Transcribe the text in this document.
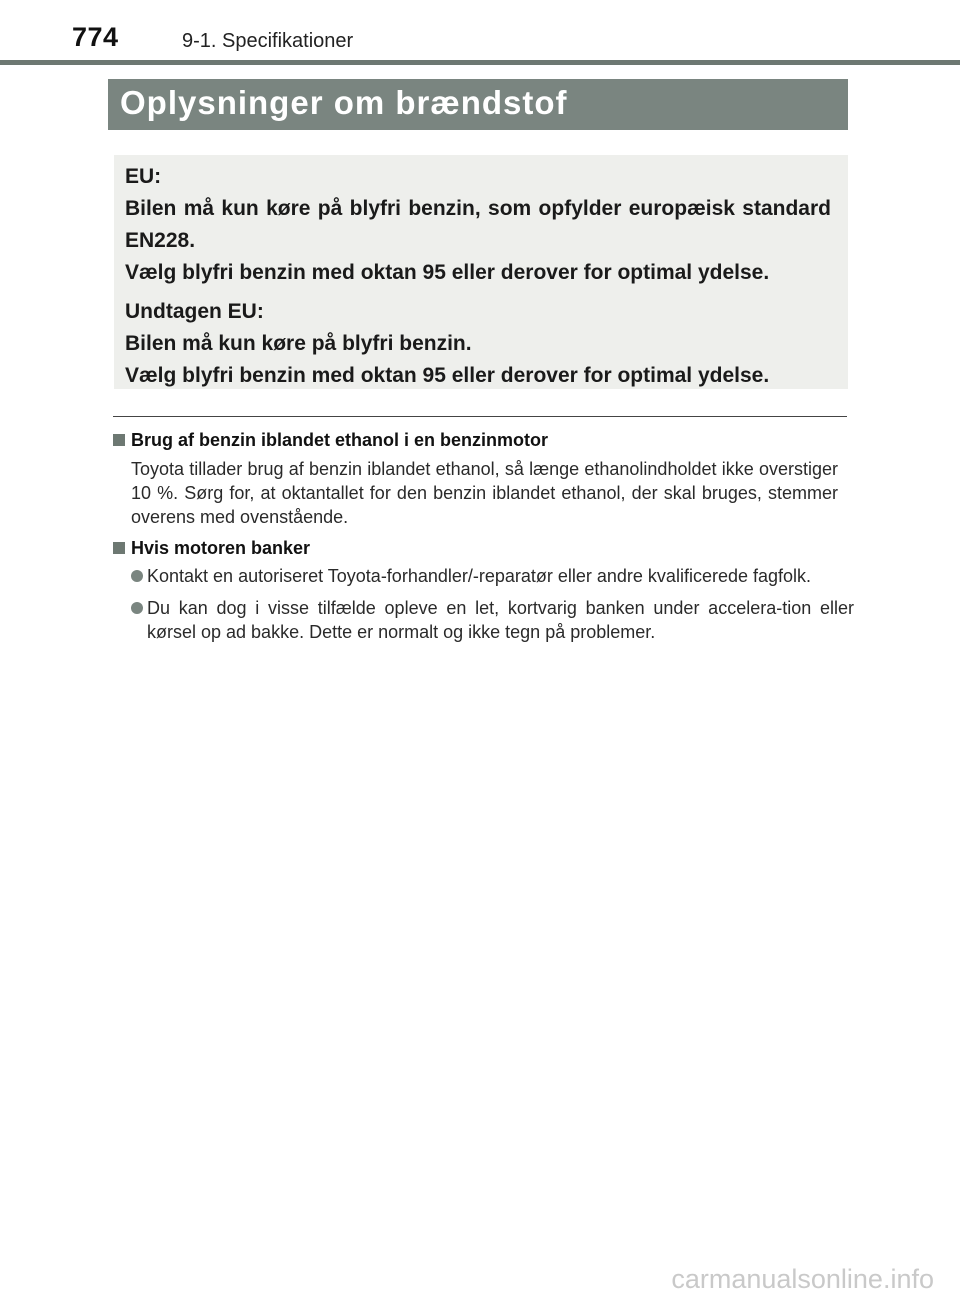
774	9-1. Specifikationer
Oplysninger om brændstof

EU:

Bilen må kun køre på blyfri benzin, som opfylder europæisk standard EN228.

Vælg blyfri benzin med oktan 95 eller derover for optimal ydelse.

Undtagen EU:

Bilen må kun køre på blyfri benzin.

Vælg blyfri benzin med oktan 95 eller derover for optimal ydelse.

Brug af benzin iblandet ethanol i en benzinmotor
Toyota tillader brug af benzin iblandet ethanol, så længe ethanolindholdet ikke overstiger 10 %. Sørg for, at oktantallet for den benzin iblandet ethanol, der skal bruges, stemmer overens med ovenstående.
Hvis motoren banker
Kontakt en autoriseret Toyota-forhandler/-reparatør eller andre kvalificerede fagfolk.
Du kan dog i visse tilfælde opleve en let, kortvarig banken under accelera-tion eller kørsel op ad bakke. Dette er normalt og ikke tegn på problemer.
carmanualsonline.info
